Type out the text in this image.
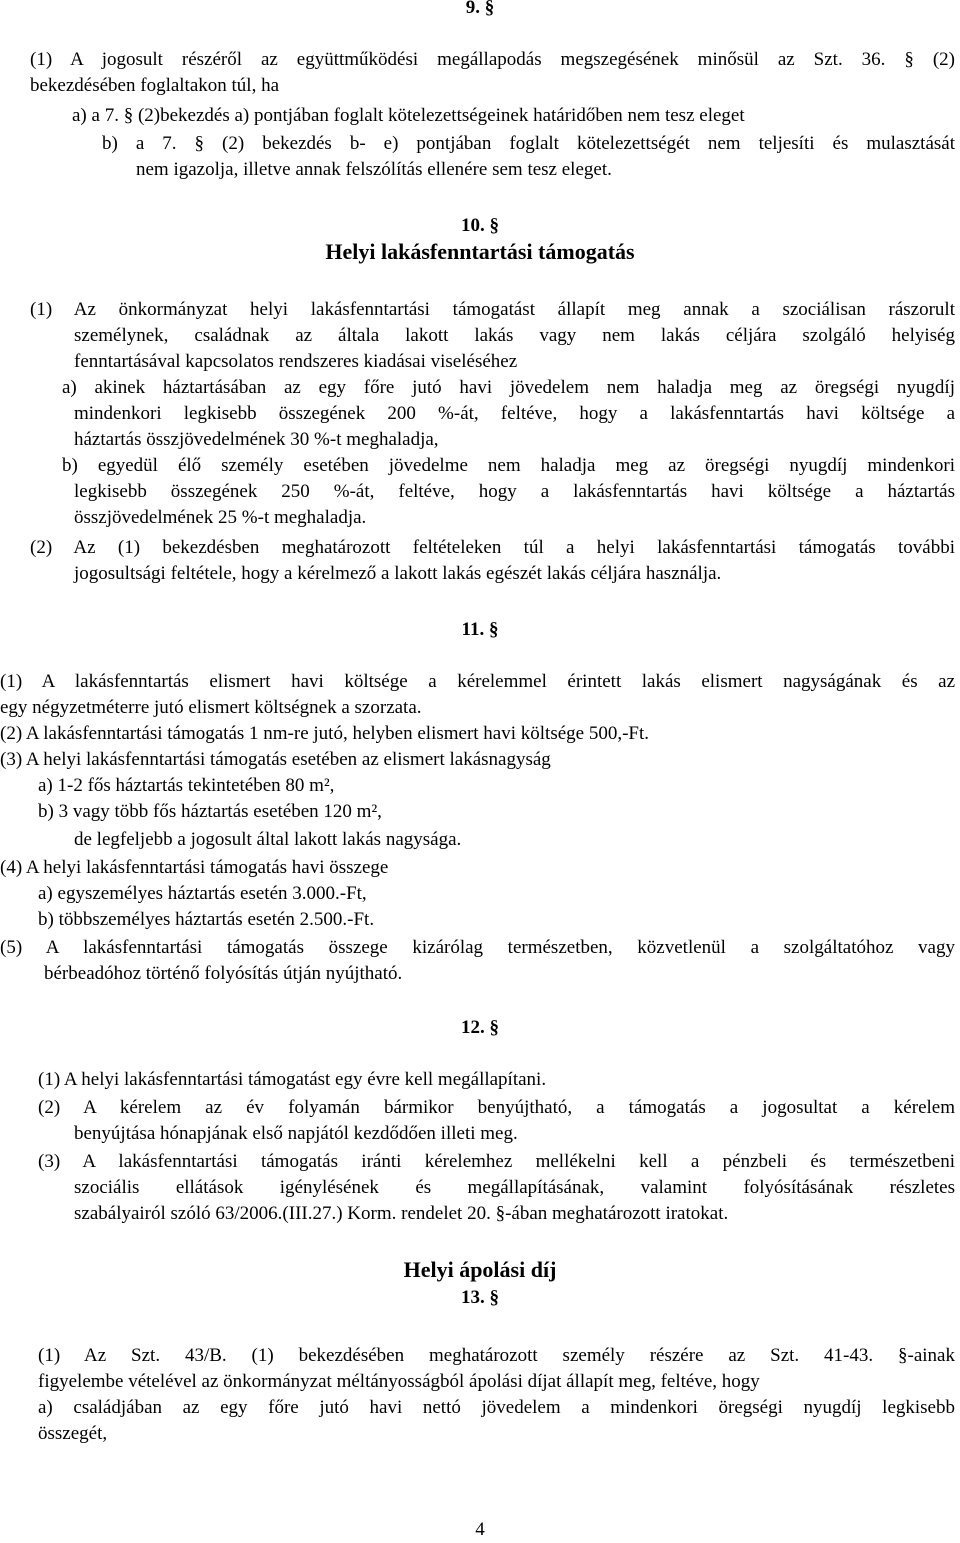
9. §
(1) A jogosult részéről az együttműködési megállapodás megszegésének minősül az Szt. 36. § (2)
bekezdésében foglaltakon túl, ha
a) a 7. § (2)bekezdés a) pontjában foglalt kötelezettségeinek határidőben nem tesz eleget
b) a 7. § (2) bekezdés b- e) pontjában foglalt kötelezettségét nem teljesíti és mulasztását
nem igazolja, illetve annak felszólítás ellenére sem tesz eleget.
10. §
Helyi lakásfenntartási támogatás
(1) Az önkormányzat helyi lakásfenntartási támogatást állapít meg annak a szociálisan rászorult
személynek, családnak az általa lakott lakás vagy nem lakás céljára szolgáló helyiség
fenntartásával kapcsolatos rendszeres kiadásai viseléséhez
a) akinek háztartásában az egy főre jutó havi jövedelem nem haladja meg az öregségi nyugdíj
mindenkori legkisebb összegének 200 %-át, feltéve, hogy a lakásfenntartás havi költsége a
háztartás összjövedelmének 30 %-t meghaladja,
b) egyedül élő személy esetében jövedelme nem haladja meg az öregségi nyugdíj mindenkori
legkisebb összegének 250 %-át, feltéve, hogy a lakásfenntartás havi költsége a háztartás
összjövedelmének 25 %-t meghaladja.
(2) Az (1) bekezdésben meghatározott feltételeken túl a helyi lakásfenntartási támogatás további
jogosultsági feltétele, hogy a kérelmező a lakott lakás egészét lakás céljára használja.
11. §
(1) A lakásfenntartás elismert havi költsége a kérelemmel érintett lakás elismert nagyságának és az
egy négyzetméterre jutó elismert költségnek a szorzata.
(2) A lakásfenntartási támogatás 1 nm-re jutó, helyben elismert havi költsége 500,-Ft.
(3) A helyi lakásfenntartási támogatás esetében az elismert lakásnagyság
a) 1-2 fős háztartás tekintetében 80 m²,
b) 3 vagy több fős háztartás esetében 120 m²,
de legfeljebb a jogosult által lakott lakás nagysága.
(4) A helyi lakásfenntartási támogatás havi összege
a) egyszemélyes háztartás esetén 3.000.-Ft,
b) többszemélyes háztartás esetén 2.500.-Ft.
(5) A lakásfenntartási támogatás összege kizárólag természetben, közvetlenül a szolgáltatóhoz vagy
bérbeadóhoz történő folyósítás útján nyújtható.
12. §
(1) A helyi lakásfenntartási támogatást egy évre kell megállapítani.
(2) A kérelem az év folyamán bármikor benyújtható, a támogatás a jogosultat a kérelem
benyújtása hónapjának első napjától kezdődően illeti meg.
(3) A lakásfenntartási támogatás iránti kérelemhez mellékelni kell a pénzbeli és természetbeni
szociális ellátások igénylésének és megállapításának, valamint folyósításának részletes
szabályairól szóló 63/2006.(III.27.) Korm. rendelet 20. §-ában meghatározott iratokat.
Helyi ápolási díj
13. §
(1) Az Szt. 43/B. (1) bekezdésében meghatározott személy részére az Szt. 41-43. §-ainak
figyelembe vételével az önkormányzat méltányosságból ápolási díjat állapít meg, feltéve, hogy
a) családjában az egy főre jutó havi nettó jövedelem a mindenkori öregségi nyugdíj legkisebb
összegét,
4
